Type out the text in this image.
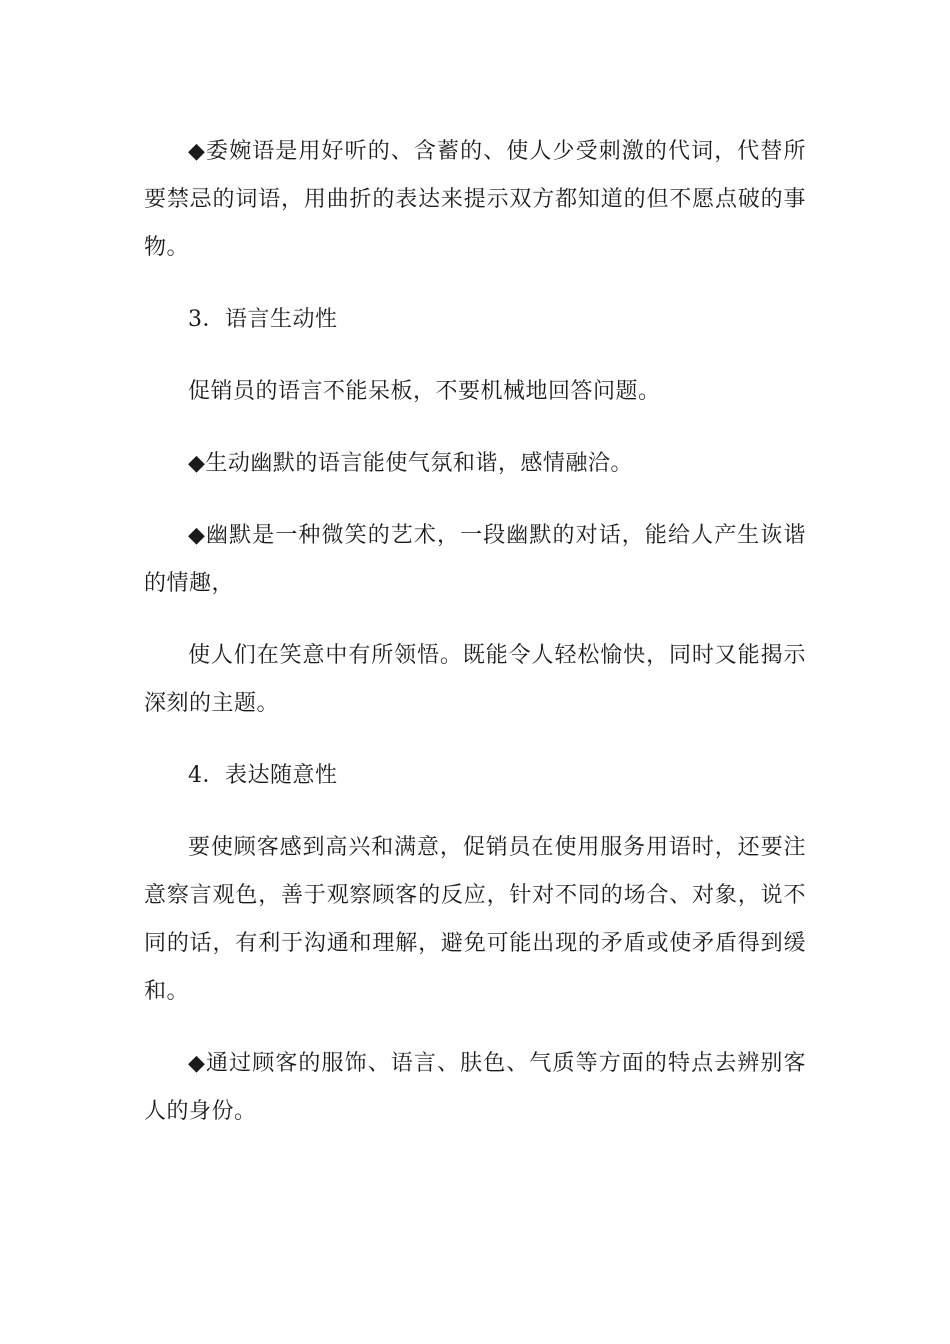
◆委婉语是用好听的、含蓄的、使人少受刺激的代词，代替所要禁忌的词语，用曲折的表达来提示双方都知道的但不愿点破的事物。

3．语言生动性

促销员的语言不能呆板，不要机械地回答问题。

◆生动幽默的语言能使气氛和谐，感情融洽。

◆幽默是一种微笑的艺术，一段幽默的对话，能给人产生诙谐的情趣，

使人们在笑意中有所领悟。既能令人轻松愉快，同时又能揭示深刻的主题。

4．表达随意性

要使顾客感到高兴和满意，促销员在使用服务用语时，还要注意察言观色，善于观察顾客的反应，针对不同的场合、对象，说不同的话，有利于沟通和理解，避免可能出现的矛盾或使矛盾得到缓和。

◆通过顾客的服饰、语言、肤色、气质等方面的特点去辨别客人的身份。
